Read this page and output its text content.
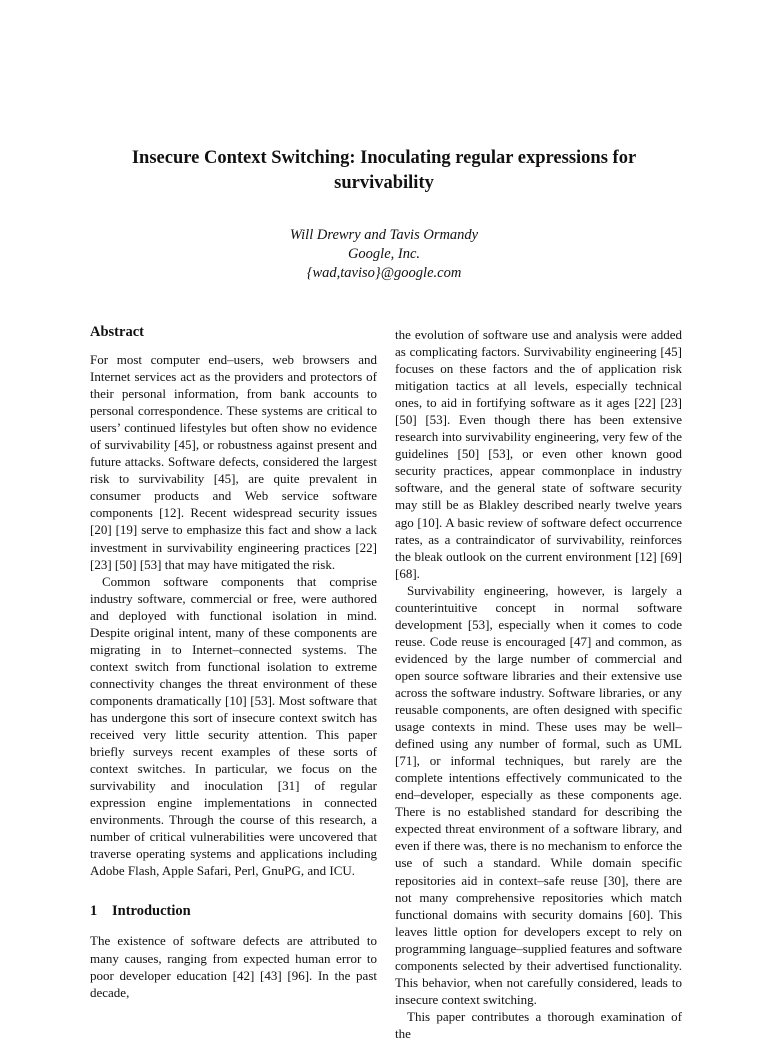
Insecure Context Switching: Inoculating regular expressions for survivability
Will Drewry and Tavis Ormandy
Google, Inc.
{wad,taviso}@google.com
Abstract

For most computer end–users, web browsers and Internet services act as the providers and protectors of their personal information, from bank accounts to personal correspondence. These systems are critical to users’ continued lifestyles but often show no evidence of survivability [45], or robustness against present and future attacks. Software defects, considered the largest risk to survivability [45], are quite prevalent in consumer products and Web service software components [12]. Recent widespread security issues [20] [19] serve to emphasize this fact and show a lack investment in survivability engineering practices [22] [23] [50] [53] that may have mitigated the risk.

Common software components that comprise industry software, commercial or free, were authored and deployed with functional isolation in mind. Despite original intent, many of these components are migrating in to Internet–connected systems. The context switch from functional isolation to extreme connectivity changes the threat environment of these components dramatically [10] [53]. Most software that has undergone this sort of insecure context switch has received very little security attention. This paper briefly surveys recent examples of these sorts of context switches. In particular, we focus on the survivability and inoculation [31] of regular expression engine implementations in connected environments. Through the course of this research, a number of critical vulnerabilities were uncovered that traverse operating systems and applications including Adobe Flash, Apple Safari, Perl, GnuPG, and ICU.

1 Introduction

The existence of software defects are attributed to many causes, ranging from expected human error to poor developer education [42] [43] [96]. In the past decade,

the evolution of software use and analysis were added as complicating factors. Survivability engineering [45] focuses on these factors and the of application risk mitigation tactics at all levels, especially technical ones, to aid in fortifying software as it ages [22] [23] [50] [53]. Even though there has been extensive research into survivability engineering, very few of the guidelines [50] [53], or even other known good security practices, appear commonplace in industry software, and the general state of software security may still be as Blakley described nearly twelve years ago [10]. A basic review of software defect occurrence rates, as a contraindicator of survivability, reinforces the bleak outlook on the current environment [12] [69] [68].

Survivability engineering, however, is largely a counterintuitive concept in normal software development [53], especially when it comes to code reuse. Code reuse is encouraged [47] and common, as evidenced by the large number of commercial and open source software libraries and their extensive use across the software industry. Software libraries, or any reusable components, are often designed with specific usage contexts in mind. These uses may be well–defined using any number of formal, such as UML [71], or informal techniques, but rarely are the complete intentions effectively communicated to the end–developer, especially as these components age. There is no established standard for describing the expected threat environment of a software library, and even if there was, there is no mechanism to enforce the use of such a standard. While domain specific repositories aid in context–safe reuse [30], there are not many comprehensive repositories which match functional domains with security domains [60]. This leaves little option for developers except to rely on programming language–supplied features and software components selected by their advertised functionality. This behavior, when not carefully considered, leads to insecure context switching.

This paper contributes a thorough examination of the
